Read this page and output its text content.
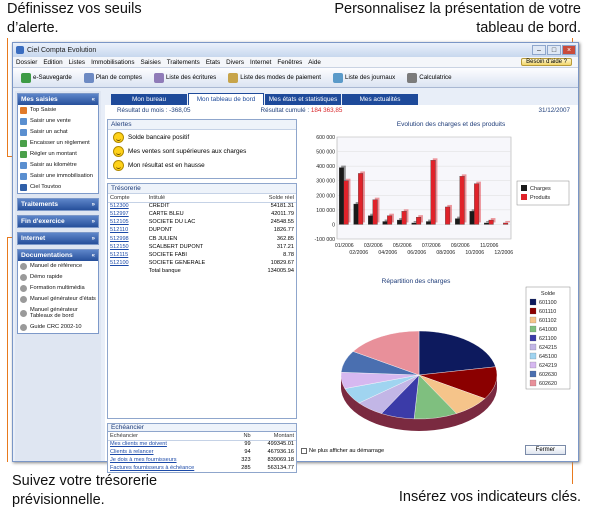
Définissez vos seuils d’alerte.
Personnalisez la présentation de votre tableau de bord.
Suivez votre trésorerie prévisionnelle.	Insérez vos indicateurs clés.
Ciel Compta Evolution	–	□	×
Dossier Edition Listes Immobilisations Saisies Traitements Etats Divers Internet Fenêtres Aide	Besoin d'aide ?
e-Sauvegarde	Plan de comptes	Liste des écritures	Liste des modes de paiement	Liste des journaux	Calculatrice
Mes saisies	«
Top Saisie
Saisir une vente
Saisir un achat
Encaisser un règlement
Régler un montant
Saisir au kilomètre
Saisir une immobilisation
Ciel Touvtoo
Traitements	»
Fin d'exercice	»
Internet	»
Documentations	«
Manuel de référence
Démo rapide
Formation multimédia
Manuel générateur d'états
Manuel générateur Tableaux de bord
Guide CRC 2002-10
Mon bureau	Mon tableau de bord	Mes états et statistiques	Mes actualités
Résultat du mois :
-368,05	Résultat cumulé :
184 363,85	31/12/2007
Alertes
Solde bancaire positif
Mes ventes sont supérieures aux charges
Mon résultat est en hausse
Trésorerie
Compte	Intitulé	Solde réel
512300	CREDIT	54181.31
512997	CARTE BLEU	42011.79
512105	SOCIETE DU LAC	24548.55
512110	DUPONT	1826.77
512998	CB JULIEN	362.85
512150	SCALBERT DUPONT	317.21
512115	SOCIETE FABI	8.78
512100	SOCIETE GENERALE	10829.67
	Total banque	134005.94
Echéancier
Echéancier	Nb	Montant
Mes clients me doivent	99	499345.01
Clients à relancer	94	467936.16
Je dois à mes fournisseurs	323	839069.18
Factures fournisseurs à échéance	285	563134.77
Evolution des charges et des produits
600 000
500 000
400 000
300 000
200 000
100 000
0
-100 000
01/2006
02/2006
03/2006
04/2006
05/2006
06/2006
07/2006
08/2006
09/2006
10/2006
11/2006
12/2006
Charges
Produits
Répartition des charges
Solde
601100
601110
601102
641000
621100
624215
645100
624219
602630
602620
Ne plus afficher au démarrage	Fermer
